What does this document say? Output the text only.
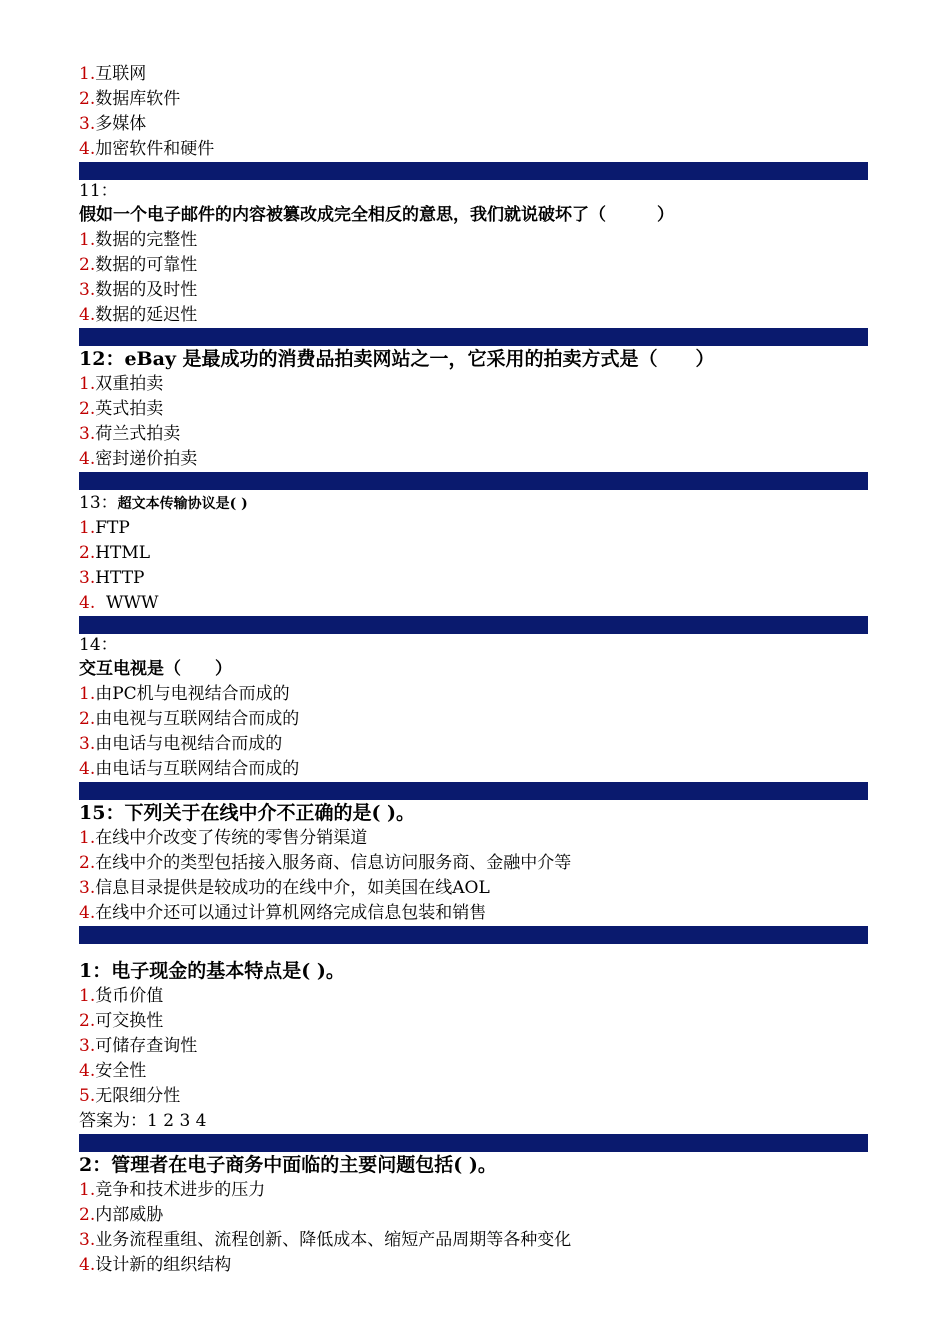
1.互联网
2.数据库软件
3.多媒体
4.加密软件和硬件
11：
假如一个电子邮件的内容被篡改成完全相反的意思，我们就说破坏了（　　　）
1.数据的完整性
2.数据的可靠性
3.数据的及时性
4.数据的延迟性
12：eBay 是最成功的消费品拍卖网站之一，它采用的拍卖方式是（　　）
1.双重拍卖
2.英式拍卖
3.荷兰式拍卖
4.密封递价拍卖
13：超文本传输协议是( )
1.FTP
2.HTML
3.HTTP
4.  WWW
14：
交互电视是（　　）
1.由PC机与电视结合而成的
2.由电视与互联网结合而成的
3.由电话与电视结合而成的
4.由电话与互联网结合而成的
15：下列关于在线中介不正确的是( )。
1.在线中介改变了传统的零售分销渠道
2.在线中介的类型包括接入服务商、信息访问服务商、金融中介等
3.信息目录提供是较成功的在线中介，如美国在线AOL
4.在线中介还可以通过计算机网络完成信息包装和销售
1：电子现金的基本特点是( )。
1.货币价值
2.可交换性
3.可储存查询性
4.安全性
5.无限细分性
答案为：1 2 3 4
2：管理者在电子商务中面临的主要问题包括( )。
1.竞争和技术进步的压力
2.内部威胁
3.业务流程重组、流程创新、降低成本、缩短产品周期等各种变化
4.设计新的组织结构
